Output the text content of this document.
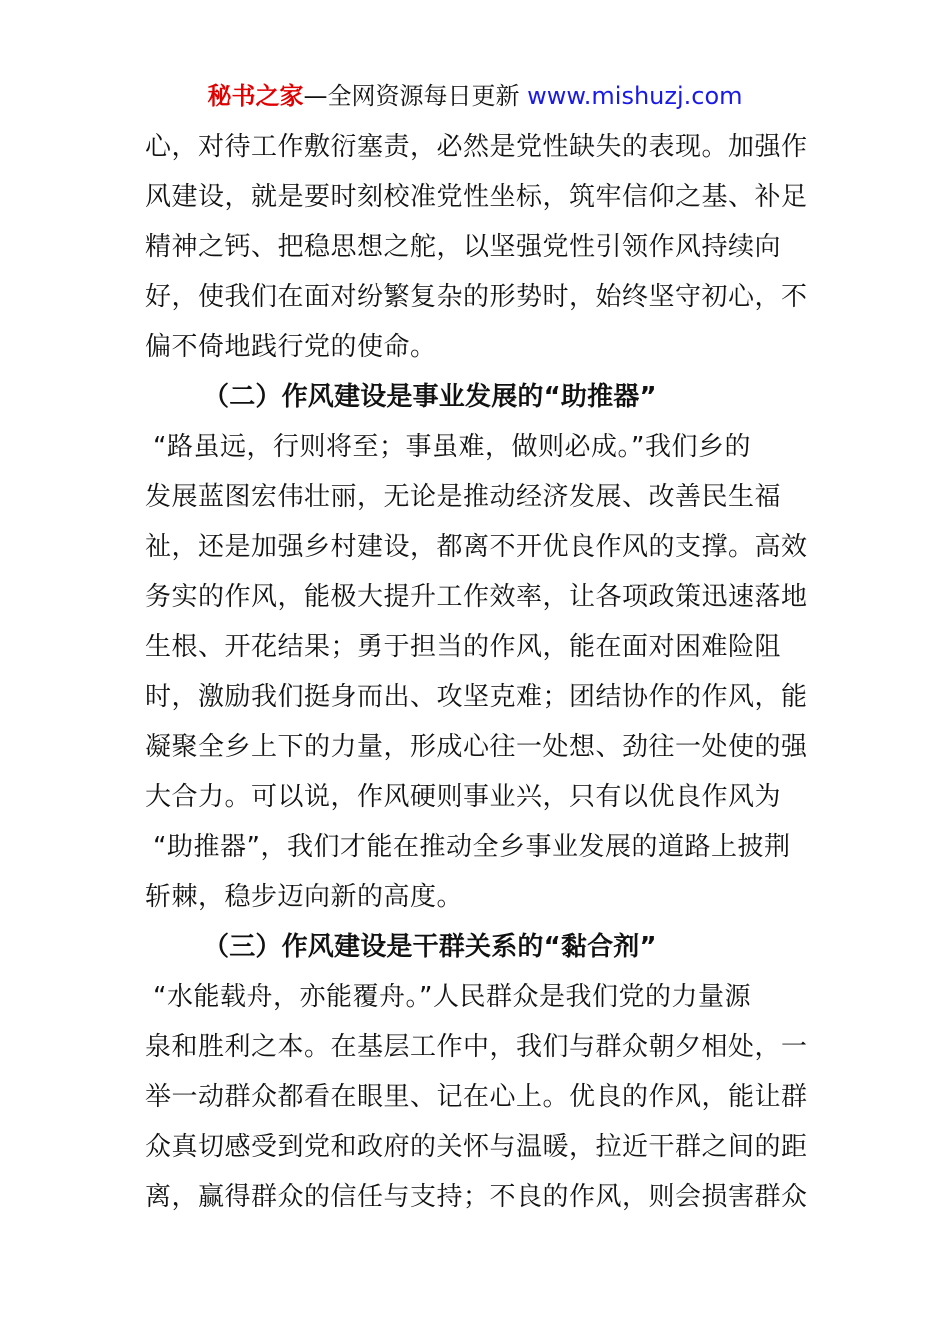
秘书之家—全网资源每日更新 www.mishuzj.com
心，对待工作敷衍塞责，必然是党性缺失的表现。加强作
风建设，就是要时刻校准党性坐标，筑牢信仰之基、补足
精神之钙、把稳思想之舵，以坚强党性引领作风持续向
好，使我们在面对纷繁复杂的形势时，始终坚守初心，不
偏不倚地践行党的使命。
（二）作风建设是事业发展的“助推器”
“路虽远，行则将至；事虽难，做则必成。”我们乡的
发展蓝图宏伟壮丽，无论是推动经济发展、改善民生福
祉，还是加强乡村建设，都离不开优良作风的支撑。高效
务实的作风，能极大提升工作效率，让各项政策迅速落地
生根、开花结果；勇于担当的作风，能在面对困难险阻
时，激励我们挺身而出、攻坚克难；团结协作的作风，能
凝聚全乡上下的力量，形成心往一处想、劲往一处使的强
大合力。可以说，作风硬则事业兴，只有以优良作风为
“助推器”，我们才能在推动全乡事业发展的道路上披荆
斩棘，稳步迈向新的高度。
（三）作风建设是干群关系的“黏合剂”
“水能载舟，亦能覆舟。”人民群众是我们党的力量源
泉和胜利之本。在基层工作中，我们与群众朝夕相处，一
举一动群众都看在眼里、记在心上。优良的作风，能让群
众真切感受到党和政府的关怀与温暖，拉近干群之间的距
离，赢得群众的信任与支持；不良的作风，则会损害群众
